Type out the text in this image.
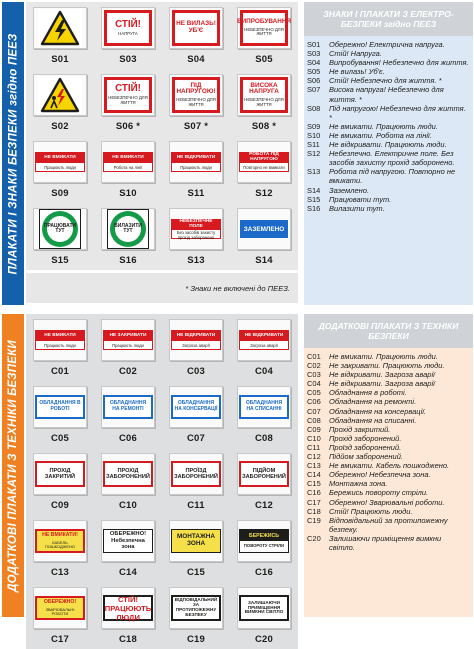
ПЛАКАТИ І ЗНАКИ БЕЗПЕКИ згідно ПЕЕЗ	S01
СТІЙ!
НАПРУГА
S03
НЕ ВИЛАЗЬ! УБ'Є
S04
ВИПРОБУВАННЯ
НЕБЕЗПЕЧНО ДЛЯ ЖИТТЯ
S05
S02
СТІЙ!
НЕБЕЗПЕЧНО ДЛЯ ЖИТТЯ
S06 *
ПІД НАПРУГОЮ!
НЕБЕЗПЕЧНО ДЛЯ ЖИТТЯ
S07 *
ВИСОКА НАПРУГА
НЕБЕЗПЕЧНО ДЛЯ ЖИТТЯ
S08 *
НЕ ВМИКАТИ
Працюють люди
S09
НЕ ВМИКАТИ
Робота на лінії
S10
НЕ ВІДКРИВАТИ
Працюють люди
S11
РОБОТА ПІД НАПРУГОЮ
Повторно не вмикати
S12
ПРАЦЮВАТИ ТУТ
S15
ВИЛАЗИТИ ТУТ
S16
НЕБЕЗПЕЧНЕ ПОЛЕ
Без засобів захисту прохід заборонено
S13
ЗАЗЕМЛЕНО
S14
* Знаки не включені до ПЕЕЗ.
ЗНАКИ І ПЛАКАТИ З ЕЛЕКТРО-БЕЗПЕКИ згідно ПЕЕЗ
S01	Обережно! Електрична напруга.
S03	Стій! Напруга.
S04	Випробування! Небезпечно для життя.
S05	Не вилазь! Уб'є.
S06	Стій! Небезпечно для життя. *
S07	Висока напруга! Небезпечно для життя. *
S08	Під напругою! Небезпечно для життя. *
S09	Не вмикати. Працюють люди.
S10	Не вмикати. Робота на лінії.
S11	Не відкривати. Працюють люди.
S12	Небезпечно. Електричне поле. Без засобів захисту прохід заборонено.
S13	Робота під напругою. Повторно не вмикати.
S14	Заземлено.
S15	Працювати тут.
S16	Вилазити тут.
ДОДАТКОВІ ПЛАКАТИ З ТЕХНІКИ БЕЗПЕКИ
НЕ ВМИКАТИ
Працюють люди
C01
НЕ ЗАКРИВАТИ
Працюють люди
C02
НЕ ВІДКРИВАТИ
Загроза аварії
C03
НЕ ВІДКРИВАТИ
Загроза аварії
C04
ОБЛАДНАННЯ В РОБОТІ
C05
ОБЛАДНАННЯ НА РЕМОНТІ
C06
ОБЛАДНАННЯ НА КОНСЕРВАЦІЇ
C07
ОБЛАДНАННЯ НА СПИСАННІ
C08
ПРОХІД ЗАКРИТИЙ
C09
ПРОХІД ЗАБОРОНЕНИЙ
C10
ПРОЇЗД ЗАБОРОНЕНИЙ
C11
ПІДЙОМ ЗАБОРОНЕНИЙ
C12
НЕ ВМИКАТИ!
КАБЕЛЬ ПОШКОДЖЕНО
C13
ОБЕРЕЖНО! Небезпечна зона
C14
МОНТАЖНА ЗОНА
C15
БЕРЕЖИСЬ
ПОВОРОТУ СТРІЛИ
C16
ОБЕРЕЖНО!
ЗВАРЮВАЛЬНІ РОБОТИ
C17
СТІЙ! ПРАЦЮЮТЬ ЛЮДИ
C18
ВІДПОВІДАЛЬНИЙ ЗА ПРОТИПОЖЕЖНУ БЕЗПЕКУ
C19
ЗАЛИШАЮЧИ ПРИМІЩЕННЯ ВИМКНИ СВІТЛО
C20
ДОДАТКОВІ ПЛАКАТИ З ТЕХНІКИ БЕЗПЕКИ
C01	Не вмикати. Працюють люди.
C02	Не закривати. Працюють люди.
C03	Не відкривати. Загроза аварії
C04	Не відкривати. Загроза аварії
C05	Обладнання в роботі.
C06	Обладнання на ремонті.
C07	Обладнання на консервації.
C08	Обладнання на списанні.
C09	Прохід закритий.
C10	Прохід заборонений.
C11	Проїзд заборонений.
C12	Підйом заборонений.
C13	Не вмикати. Кабель пошкоджено.
C14	Обережно! Небезпечна зона.
C15	Монтажна зона.
C16	Бережись повороту стріли.
C17	Обережно! Зварювальні роботи.
C18	Стій! Працюють люди.
C19	Відповідальний за протипожежну безпеку.
C20	Залишаючи приміщення вимкни світло.
